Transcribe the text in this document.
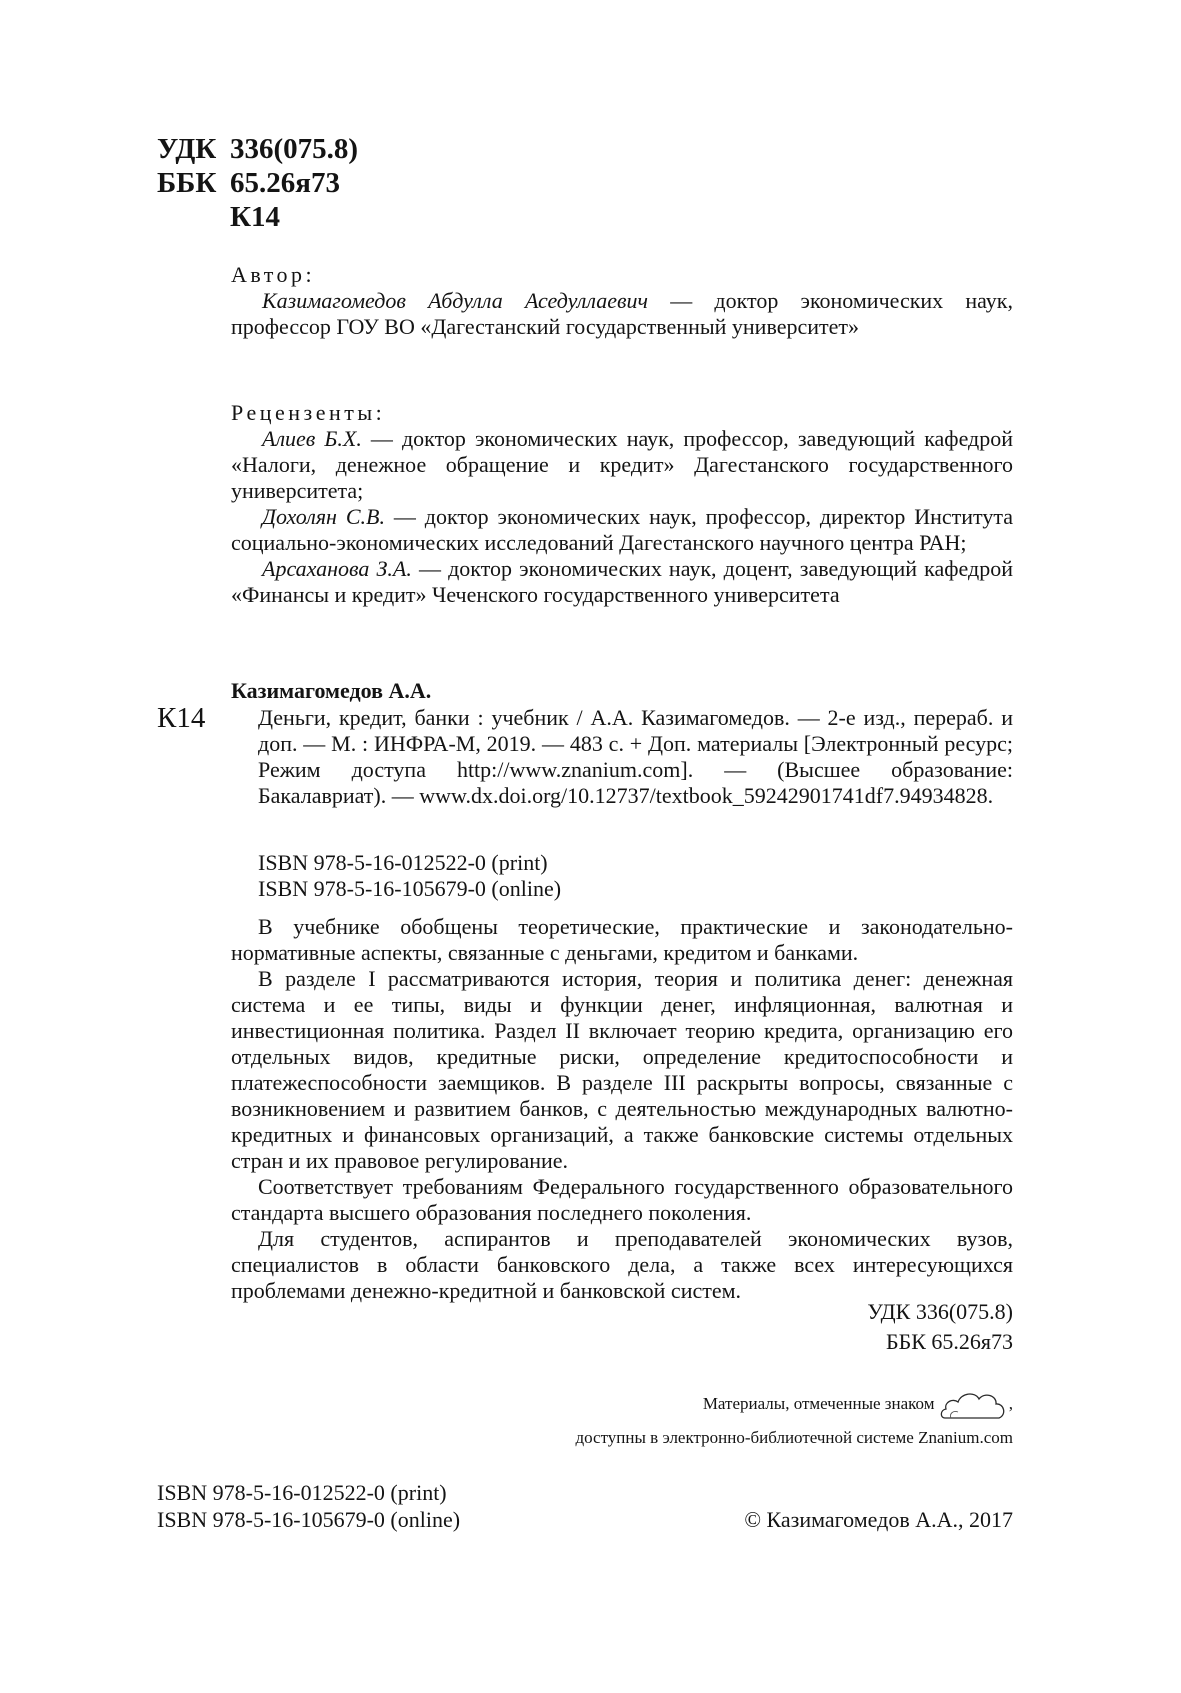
УДК 336(075.8)
ББК 65.26я73
К14
Автор:

Казимагомедов Абдулла Аседуллаевич — доктор экономических наук, профессор ГОУ ВО «Дагестанский государственный университет»

Рецензенты:

Алиев Б.Х. — доктор экономических наук, профессор, заведующий кафедрой «Налоги, денежное обращение и кредит» Дагестанского государственного университета;

Дохолян С.В. — доктор экономических наук, профессор, директор Института социально-экономических исследований Дагестанского научного центра РАН;

Арсаханова З.А. — доктор экономических наук, доцент, заведующий кафедрой «Финансы и кредит» Чеченского государственного университета

Казимагомедов А.А.
К14 Деньги, кредит, банки : учебник / А.А. Казимагомедов. — 2-е изд., перераб. и доп. — М. : ИНФРА-М, 2019. — 483 с. + Доп. материалы [Электронный ресурс; Режим доступа http://www.znanium.com]. — (Высшее образование: Бакалавриат). — www.dx.doi.org/10.12737/textbook_59242901741df7.94934828.
ISBN 978-5-16-012522-0 (print)
ISBN 978-5-16-105679-0 (online)

В учебнике обобщены теоретические, практические и законодательно-нормативные аспекты, связанные с деньгами, кредитом и банками.

В разделе I рассматриваются история, теория и политика денег: денежная система и ее типы, виды и функции денег, инфляционная, валютная и инвестиционная политика. Раздел II включает теорию кредита, организацию его отдельных видов, кредитные риски, определение кредитоспособности и платежеспособности заемщиков. В разделе III раскрыты вопросы, связанные с возникновением и развитием банков, с деятельностью международных валютно-кредитных и финансовых организаций, а также банковские системы отдельных стран и их правовое регулирование.

Соответствует требованиям Федерального государственного образовательного стандарта высшего образования последнего поколения.

Для студентов, аспирантов и преподавателей экономических вузов, специалистов в области банковского дела, а также всех интересующихся проблемами денежно-кредитной и банковской систем.

УДК 336(075.8)
ББК 65.26я73
Материалы, отмеченные знаком	,
доступны в электронно-библиотечной системе Znanium.com
ISBN 978-5-16-012522-0 (print)
ISBN 978-5-16-105679-0 (online)	© Казимагомедов А.А., 2017
